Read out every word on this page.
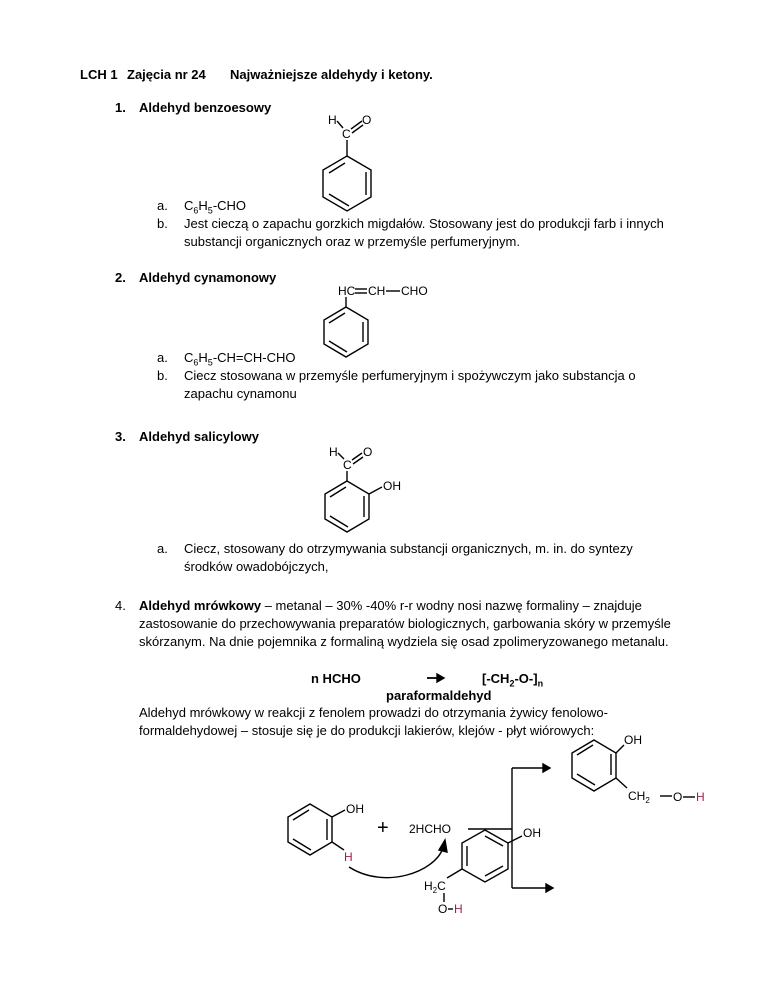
LCH 1 Zajęcia nr 24 Najważniejsze aldehydy i ketony.
1. Aldehyd benzoesowy
H
C
O
a. $C_6H_5$-CHO
b. Jest cieczą o zapachu gorzkich migdałów. Stosowany jest do produkcji farb i innych
substancji organicznych oraz w przemyśle perfumeryjnym.
2. Aldehyd cynamonowy
HC CH CHO
a. $C_6H_5-CH=CH$-CHO
b. Ciecz stosowana w przemyśle perfumeryjnym i spożywczym jako substancja o
zapachu cynamonu
3. Aldehyd salicylowy
H
C
O
OH
a. Ciecz, stosowany do otrzymywania substancji organicznych, m. in. do syntezy
środków owadobójczych,
4. Aldehyd mrówkowy – metanal – 30% -40% r-r wodny nosi nazwę formaliny – znajduje
zastosowanie do przechowywania preparatów biologicznych, garbowania skóry w przemyśle
skórzanym. Na dnie pojemnika z formaliną wydziela się osad zpolimeryzowanego metanalu.
n HCHO	$[-CH_2-O-]_n$
paraformaldehyd
Aldehyd mrówkowy w reakcji z fenolem prowadzi do otrzymania żywicy fenolowo-
formaldehydowej – stosuje się je do produkcji lakierów, klejów - płyt wiórowych:
OH
H
+ 2HCHO
OH
$CH_2$ O H
OH
$H_2C$
O H
